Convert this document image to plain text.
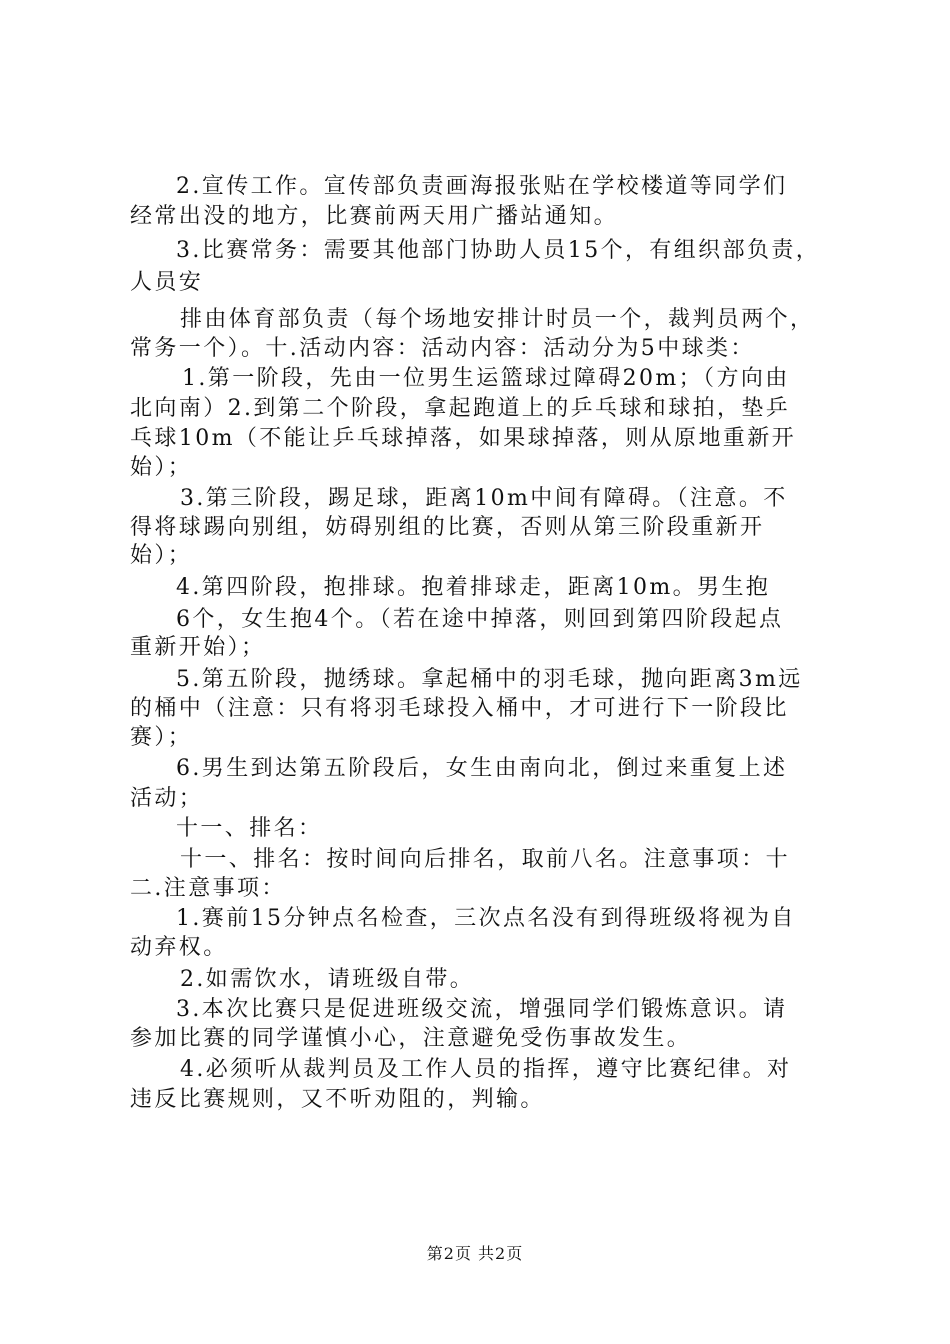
2.宣传工作。宣传部负责画海报张贴在学校楼道等同学们
经常出没的地方，比赛前两天用广播站通知。
3.比赛常务：需要其他部门协助人员15个，有组织部负责，
人员安
排由体育部负责（每个场地安排计时员一个，裁判员两个，
常务一个）。十.活动内容：活动内容：活动分为5中球类：
1.第一阶段，先由一位男生运篮球过障碍20m；（方向由
北向南）2.到第二个阶段，拿起跑道上的乒乓球和球拍，垫乒
乓球10m（不能让乒乓球掉落，如果球掉落，则从原地重新开
始）；
3.第三阶段，踢足球，距离10m中间有障碍。（注意。不
得将球踢向别组，妨碍别组的比赛，否则从第三阶段重新开
始）；
4.第四阶段，抱排球。抱着排球走，距离10m。男生抱
6个，女生抱4个。（若在途中掉落，则回到第四阶段起点
重新开始）；
5.第五阶段，抛绣球。拿起桶中的羽毛球，抛向距离3m远
的桶中（注意：只有将羽毛球投入桶中，才可进行下一阶段比
赛）；
6.男生到达第五阶段后，女生由南向北，倒过来重复上述
活动；
十一、排名：
十一、排名：按时间向后排名，取前八名。注意事项：十
二.注意事项：
1.赛前15分钟点名检查，三次点名没有到得班级将视为自
动弃权。
2.如需饮水，请班级自带。
3.本次比赛只是促进班级交流，增强同学们锻炼意识。请
参加比赛的同学谨慎小心，注意避免受伤事故发生。
4.必须听从裁判员及工作人员的指挥，遵守比赛纪律。对
违反比赛规则，又不听劝阻的，判输。
第2页 共2页
